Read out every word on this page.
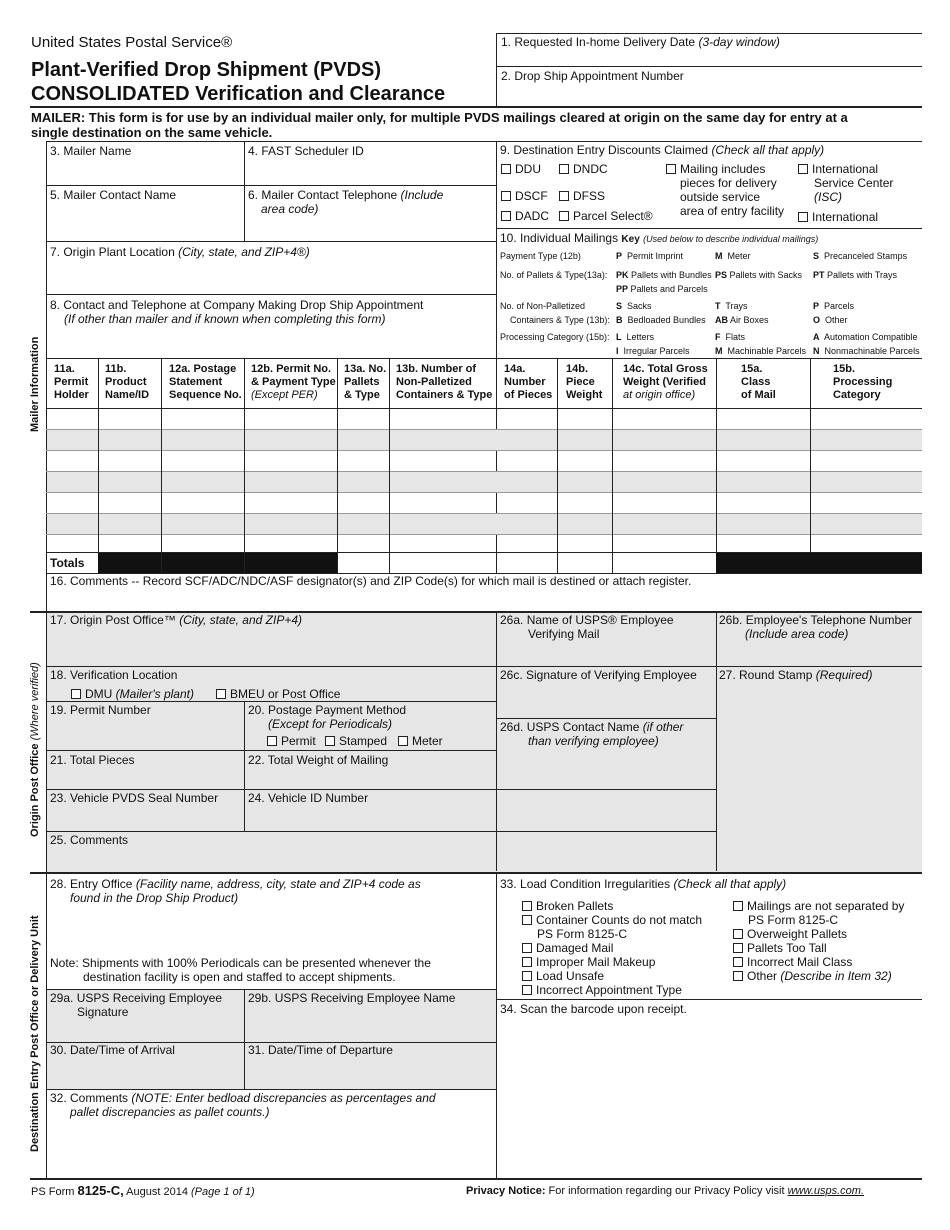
United States Postal Service®
Plant-Verified Drop Shipment (PVDS)
CONSOLIDATED Verification and Clearance
1. Requested In-home Delivery Date (3-day window)
2. Drop Ship Appointment Number
MAILER: This form is for use by an individual mailer only, for multiple PVDS mailings cleared at origin on the same day for entry at a
single destination on the same vehicle.
Mailer Information
Origin Post Office (Where verified)
Destination Entry Post Office or Delivery Unit
3. Mailer Name	4. FAST Scheduler ID
5. Mailer Contact Name	6. Mailer Contact Telephone (Include
area code)
7. Origin Plant Location (City, state, and ZIP+4®)
8. Contact and Telephone at Company Making Drop Ship Appointment
(If other than mailer and if known when completing this form)
9. Destination Entry Discounts Claimed (Check all that apply)
DDU	DNDC
DSCF	DFSS
DADC	Parcel Select®
Mailing includes
pieces for delivery
outside service
area of entry facility
International
Service Center
(ISC)
International
10. Individual Mailings Key (Used below to describe individual mailings)
Payment Type (12b)	P Permit Imprint	M Meter	S Precanceled Stamps
No. of Pallets & Type(13a): PK Pallets with Bundles PS Pallets with Sacks PT Pallets with Trays
PP Pallets and Parcels
No. of Non-Palletized
Containers & Type (13b):
S Sacks	T Trays	P Parcels
B Bedloaded Bundles AB Air Boxes	O Other
Processing Category (15b): L Letters	F Flats	A Automation Compatible
I Irregular Parcels	M Machinable Parcels N Nonmachinable Parcels
11a.
Permit
Holder
11b.
Product
Name/ID
12a. Postage
Statement
Sequence No.
12b. Permit No.
& Payment Type
(Except PER)
13a. No.
Pallets
& Type
13b. Number of
Non-Palletized
Containers & Type
14a.
Number
of Pieces
14b.
Piece
Weight
14c. Total Gross
Weight (Verified
at origin office)
15a.
Class
of Mail
15b.
Processing
Category
Totals
16. Comments -- Record SCF/ADC/NDC/ASF designator(s) and ZIP Code(s) for which mail is destined or attach register.
17. Origin Post Office™ (City, state, and ZIP+4)
18. Verification Location
DMU (Mailer's plant)	BMEU or Post Office
19. Permit Number	20. Postage Payment Method
(Except for Periodicals)
Permit	Stamped	Meter
21. Total Pieces	22. Total Weight of Mailing
23. Vehicle PVDS Seal Number 24. Vehicle ID Number
25. Comments
26a. Name of USPS® Employee
Verifying Mail
26b. Employee's Telephone Number
(Include area code)
26c. Signature of Verifying Employee 27. Round Stamp (Required)
26d. USPS Contact Name (if other
than verifying employee)
28. Entry Office (Facility name, address, city, state and ZIP+4 code as
found in the Drop Ship Product)
Note: Shipments with 100% Periodicals can be presented whenever the
destination facility is open and staffed to accept shipments.
29a. USPS Receiving Employee
Signature
29b. USPS Receiving Employee Name
30. Date/Time of Arrival	31. Date/Time of Departure
32. Comments (NOTE: Enter bedload discrepancies as percentages and
pallet discrepancies as pallet counts.)
33. Load Condition Irregularities (Check all that apply)
Broken Pallets
Container Counts do not match
PS Form 8125-C
Damaged Mail
Improper Mail Makeup
Load Unsafe
Incorrect Appointment Type
Mailings are not separated by
PS Form 8125-C
Overweight Pallets
Pallets Too Tall
Incorrect Mail Class
Other (Describe in Item 32)
34. Scan the barcode upon receipt.
PS Form 8125-C, August 2014 (Page 1 of 1)	Privacy Notice: For information regarding our Privacy Policy visit www.usps.com.
